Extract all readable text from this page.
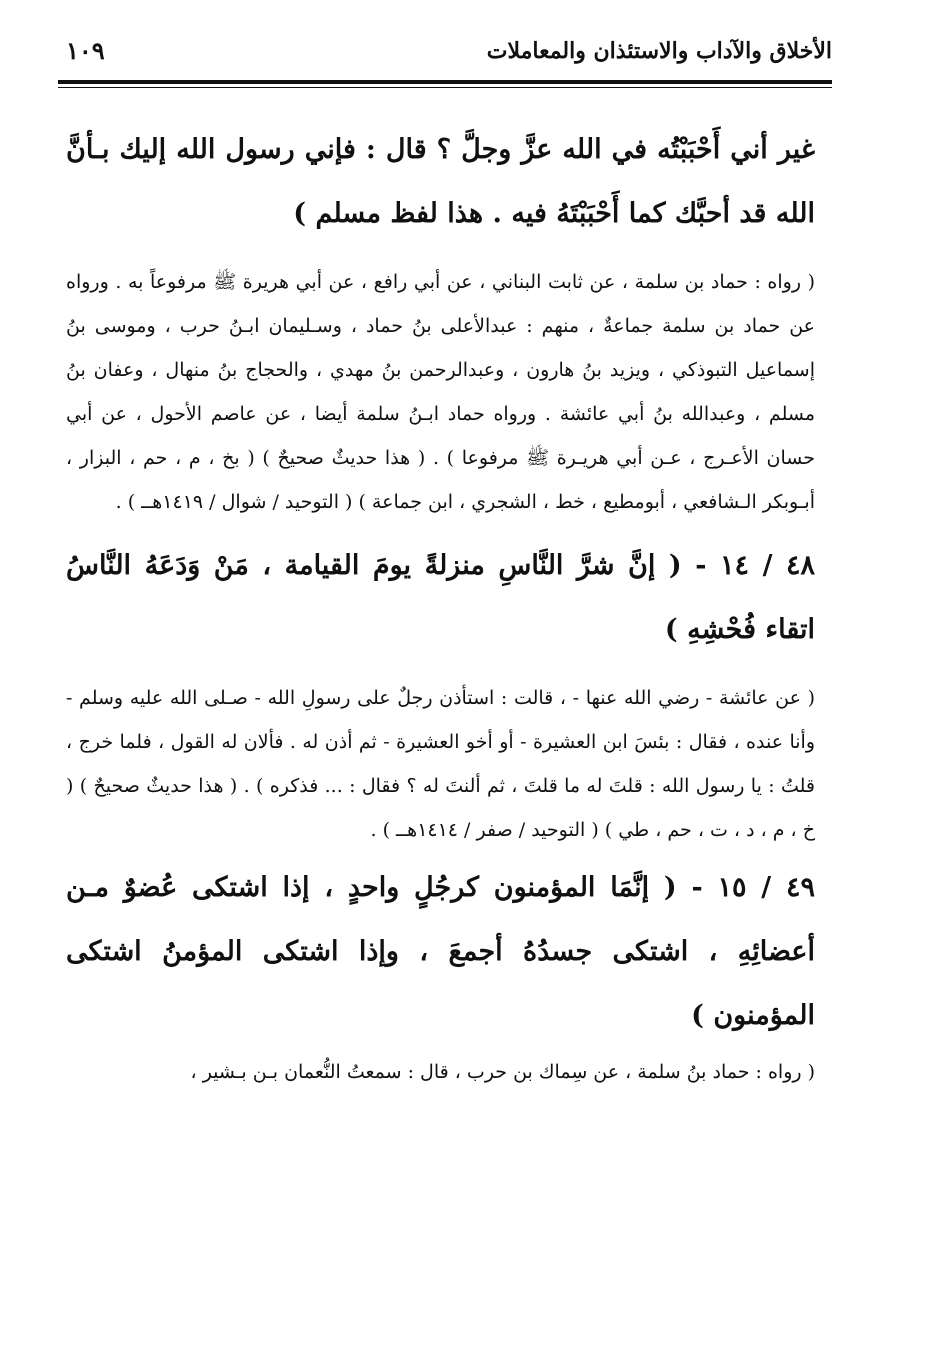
الأخلاق والآداب والاستئذان والمعاملات
١٠٩

غير أني أَحْبَبْتُه في الله عزَّ وجلَّ ؟ قال : فإني رسول الله إليك بـأنَّ الله قد أحبَّك كما أَحْبَبْتَهُ فيه . هذا لفظ مسلم )

( رواه : حماد بن سلمة ، عن ثابت البناني ، عن أبي رافع ، عن أبي هريرة ﷺ مرفوعاً به . ورواه عن حماد بن سلمة جماعةٌ ، منهم : عبدالأعلى بنُ حماد ، وسـليمان ابـنُ حرب ، وموسى بنُ إسماعيل التبوذكي ، ويزيد بنُ هارون ، وعبدالرحمن بنُ مهدي ، والحجاج بنُ منهال ، وعفان بنُ مسلم ، وعبدالله بنُ أبي عائشة . ورواه حماد ابـنُ سلمة أيضا ، عن عاصم الأحول ، عن أبي حسان الأعـرج ، عـن أبي هريـرة ﷺ مرفوعا ) . ( هذا حديثٌ صحيحٌ ) ( بخ ، م ، حم ، البزار ، أبـوبكر الـشافعي ، أبومطيع ، خط ، الشجري ، ابن جماعة ) ( التوحيد / شوال / ١٤١٩هــ ) .

٤٨ / ١٤ - ( إنَّ شرَّ النَّاسِ منزلةً يومَ القيامة ، مَنْ وَدَعَهُ النَّاسُ اتقاء فُحْشِهِ )

( عن عائشة - رضي الله عنها - ، قالت : استأذن رجلٌ على رسولِ الله - صـلى الله عليه وسلم - وأنا عنده ، فقال : بئسَ ابن العشيرة - أو أخو العشيرة - ثم أذن له . فألان له القول ، فلما خرج ، قلتُ : يا رسول الله : قلتَ له ما قلتَ ، ثم ألنتَ له ؟ فقال : ... فذكره ) . ( هذا حديثٌ صحيحٌ ) ( خ ، م ، د ، ت ، حم ، طي ) ( التوحيد / صفر / ١٤١٤هــ ) .

٤٩ / ١٥ - ( إنَّمَا المؤمنون كرجُلٍ واحدٍ ، إذا اشتكى عُضوٌ مـن أعضائِهِ ، اشتكى جسدُهُ أجمعَ ، وإذا اشتكى المؤمنُ اشتكى المؤمنون )

( رواه : حماد بنُ سلمة ، عن سِماك بن حرب ، قال : سمعتُ النُّعمان بـن بـشير ،
